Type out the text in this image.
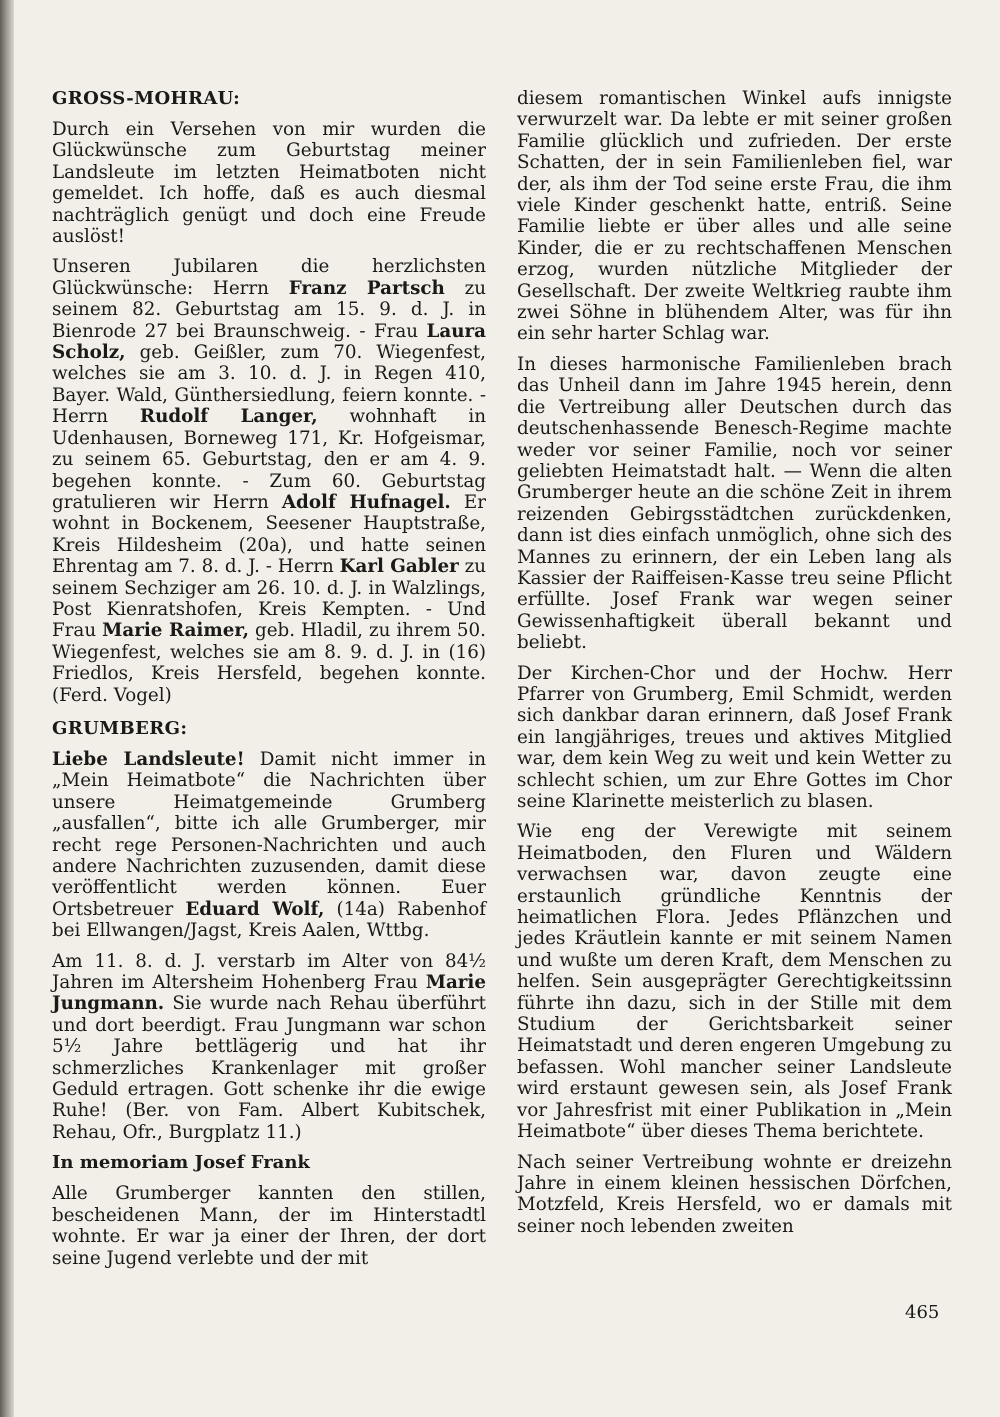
GROSS-MOHRAU:

Durch ein Versehen von mir wurden die Glückwünsche zum Geburtstag meiner Landsleute im letzten Heimatboten nicht gemeldet. Ich hoffe, daß es auch diesmal nachträglich genügt und doch eine Freude auslöst!

Unseren Jubilaren die herzlichsten Glückwünsche: Herrn Franz Partsch zu seinem 82. Geburtstag am 15. 9. d. J. in Bienrode 27 bei Braunschweig. - Frau Laura Scholz, geb. Geißler, zum 70. Wiegenfest, welches sie am 3. 10. d. J. in Regen 410, Bayer. Wald, Günthersiedlung, feiern konnte. - Herrn Rudolf Langer, wohnhaft in Udenhausen, Borneweg 171, Kr. Hofgeismar, zu seinem 65. Geburtstag, den er am 4. 9. begehen konnte. - Zum 60. Geburtstag gratulieren wir Herrn Adolf Hufnagel. Er wohnt in Bockenem, Seesener Hauptstraße, Kreis Hildesheim (20a), und hatte seinen Ehrentag am 7. 8. d. J. - Herrn Karl Gabler zu seinem Sechziger am 26. 10. d. J. in Walzlings, Post Kienratshofen, Kreis Kempten. - Und Frau Marie Raimer, geb. Hladil, zu ihrem 50. Wiegenfest, welches sie am 8. 9. d. J. in (16) Friedlos, Kreis Hersfeld, begehen konnte. (Ferd. Vogel)

GRUMBERG:

Liebe Landsleute! Damit nicht immer in „Mein Heimatbote“ die Nachrichten über unsere Heimatgemeinde Grumberg „ausfallen“, bitte ich alle Grumberger, mir recht rege Personen-Nachrichten und auch andere Nachrichten zuzusenden, damit diese veröffentlicht werden können. Euer Ortsbetreuer Eduard Wolf, (14a) Rabenhof bei Ellwangen/Jagst, Kreis Aalen, Wttbg.

Am 11. 8. d. J. verstarb im Alter von 84½ Jahren im Altersheim Hohenberg Frau Marie Jungmann. Sie wurde nach Rehau überführt und dort beerdigt. Frau Jungmann war schon 5½ Jahre bettlägerig und hat ihr schmerzliches Krankenlager mit großer Geduld ertragen. Gott schenke ihr die ewige Ruhe! (Ber. von Fam. Albert Kubitschek, Rehau, Ofr., Burgplatz 11.)

In memoriam Josef Frank

Alle Grumberger kannten den stillen, bescheidenen Mann, der im Hinterstadtl wohnte. Er war ja einer der Ihren, der dort seine Jugend verlebte und der mit

diesem romantischen Winkel aufs innigste verwurzelt war. Da lebte er mit seiner großen Familie glücklich und zufrieden. Der erste Schatten, der in sein Familienleben fiel, war der, als ihm der Tod seine erste Frau, die ihm viele Kinder geschenkt hatte, entriß. Seine Familie liebte er über alles und alle seine Kinder, die er zu rechtschaffenen Menschen erzog, wurden nützliche Mitglieder der Gesellschaft. Der zweite Weltkrieg raubte ihm zwei Söhne in blühendem Alter, was für ihn ein sehr harter Schlag war.

In dieses harmonische Familienleben brach das Unheil dann im Jahre 1945 herein, denn die Vertreibung aller Deutschen durch das deutschenhassende Benesch-Regime machte weder vor seiner Familie, noch vor seiner geliebten Heimatstadt halt. — Wenn die alten Grumberger heute an die schöne Zeit in ihrem reizenden Gebirgsstädtchen zurückdenken, dann ist dies einfach unmöglich, ohne sich des Mannes zu erinnern, der ein Leben lang als Kassier der Raiffeisen-Kasse treu seine Pflicht erfüllte. Josef Frank war wegen seiner Gewissenhaftigkeit überall bekannt und beliebt.

Der Kirchen-Chor und der Hochw. Herr Pfarrer von Grumberg, Emil Schmidt, werden sich dankbar daran erinnern, daß Josef Frank ein langjähriges, treues und aktives Mitglied war, dem kein Weg zu weit und kein Wetter zu schlecht schien, um zur Ehre Gottes im Chor seine Klarinette meisterlich zu blasen.

Wie eng der Verewigte mit seinem Heimatboden, den Fluren und Wäldern verwachsen war, davon zeugte eine erstaunlich gründliche Kenntnis der heimatlichen Flora. Jedes Pflänzchen und jedes Kräutlein kannte er mit seinem Namen und wußte um deren Kraft, dem Menschen zu helfen. Sein ausgeprägter Gerechtigkeitssinn führte ihn dazu, sich in der Stille mit dem Studium der Gerichtsbarkeit seiner Heimatstadt und deren engeren Umgebung zu befassen. Wohl mancher seiner Landsleute wird erstaunt gewesen sein, als Josef Frank vor Jahresfrist mit einer Publikation in „Mein Heimatbote“ über dieses Thema berichtete.

Nach seiner Vertreibung wohnte er dreizehn Jahre in einem kleinen hessischen Dörfchen, Motzfeld, Kreis Hersfeld, wo er damals mit seiner noch lebenden zweiten

465
